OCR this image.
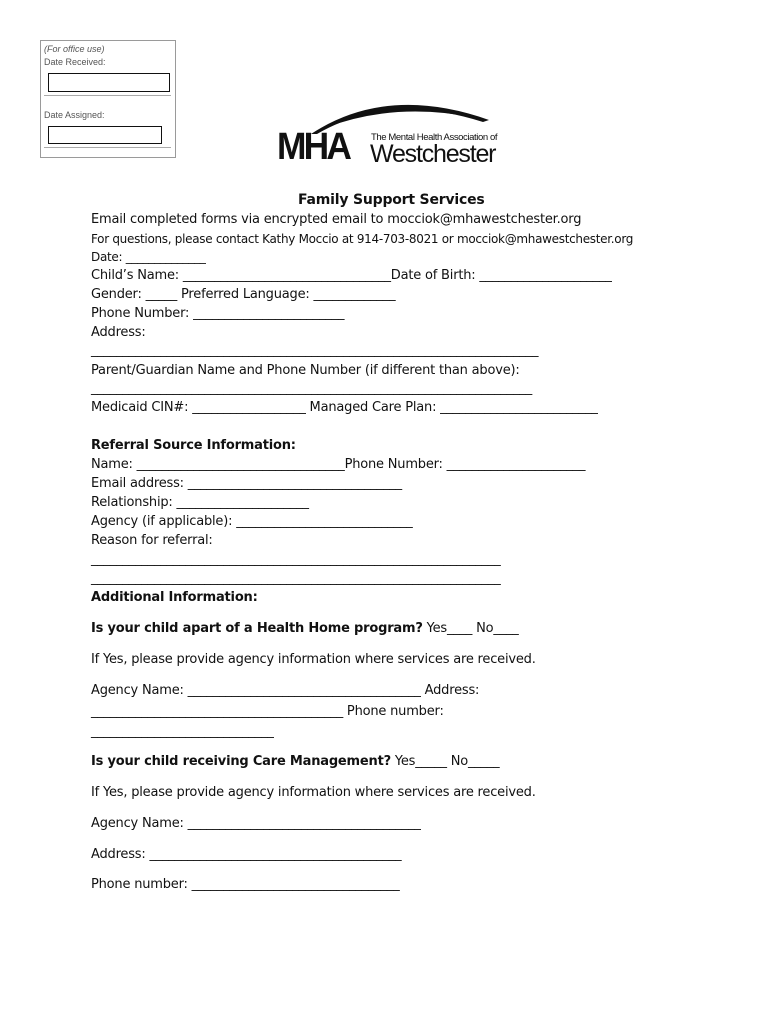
(For office use)
Date Received:
Date Assigned:
MHA The Mental Health Association of
Westchester
Family Support Services
Email completed forms via encrypted email to mocciok@mhawestchester.org
For questions, please contact Kathy Moccio at 914-703-8021 or mocciok@mhawestchester.org
Date: ______________
Child’s Name: _________________________________Date of Birth: _____________________
Gender: _____ Preferred Language: _____________
Phone Number: ________________________
Address:
_______________________________________________________________________
Parent/Guardian Name and Phone Number (if different than above):
______________________________________________________________________
Medicaid CIN#: __________________ Managed Care Plan: _________________________
Referral Source Information:
Name: _________________________________Phone Number: ______________________
Email address: __________________________________
Relationship: _____________________
Agency (if applicable): ____________________________
Reason for referral:
_________________________________________________________________
_________________________________________________________________
Additional Information:
Is your child apart of a Health Home program? Yes____ No____
If Yes, please provide agency information where services are received.
Agency Name: _____________________________________ Address:
________________________________________ Phone number:
_____________________________
Is your child receiving Care Management? Yes_____ No_____
If Yes, please provide agency information where services are received.
Agency Name: _____________________________________
Address: ________________________________________
Phone number: _________________________________
